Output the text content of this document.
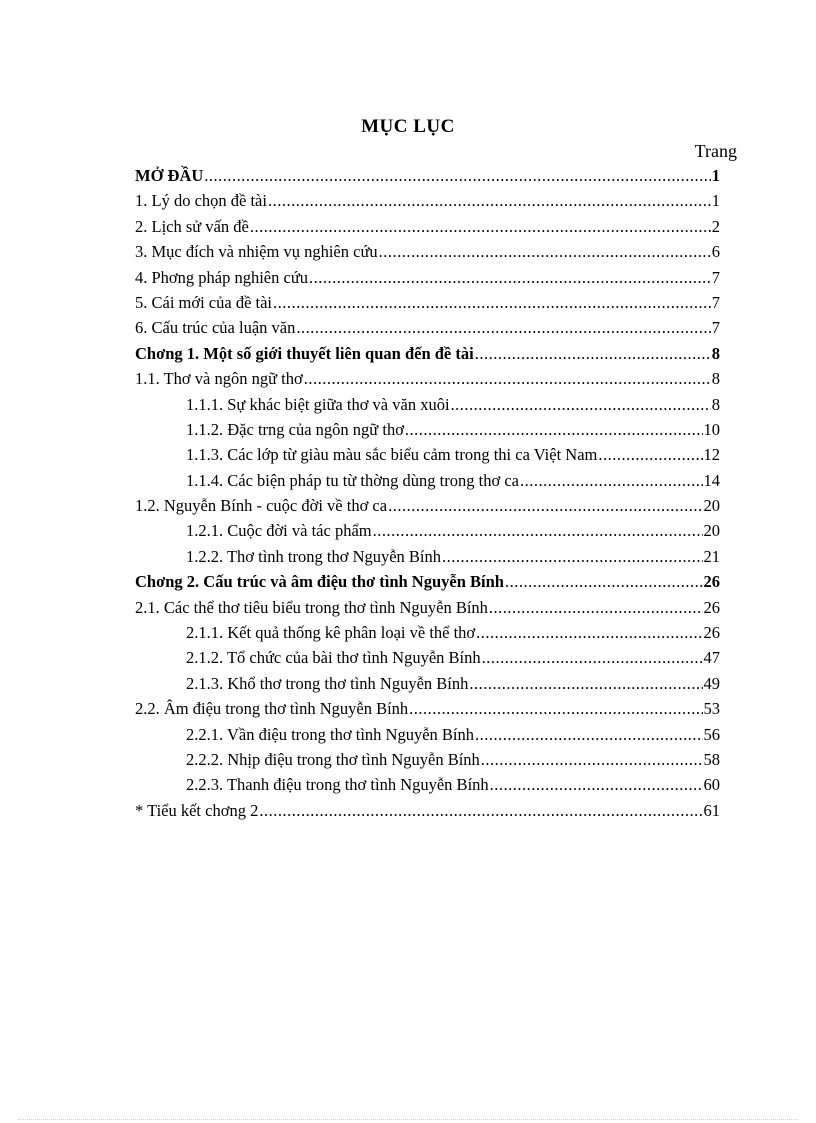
MỤC LỤC
Trang
MỞ ĐẦU .....	1
1. Lý do chọn đề tài .....	1
2. Lịch sử vấn đề .....	2
3. Mục đích và nhiệm vụ nghiên cứu .....	6
4. Phơng pháp nghiên cứu .....	7
5. Cái mới của đề tài .....	7
6. Cấu trúc của luận văn .....	7
Chơng 1. Một số giới thuyết liên quan đến đề tài .....	8
1.1. Thơ và ngôn ngữ thơ .....	8
1.1.1. Sự khác biệt giữa thơ và văn xuôi .....	8
1.1.2. Đặc trng của ngôn ngữ thơ .....	10
1.1.3. Các lớp từ giàu màu sắc biểu cảm trong thi ca Việt Nam .....	12
1.1.4. Các biện pháp tu từ thờng dùng trong thơ ca .....	14
1.2. Nguyễn Bính - cuộc đời về thơ ca .....	20
1.2.1. Cuộc đời và tác phẩm .....	20
1.2.2. Thơ tình trong thơ Nguyễn Bính .....	21
Chơng 2. Cấu trúc và âm điệu thơ tình Nguyễn Bính .....	26
2.1. Các thể thơ tiêu biểu trong thơ tình Nguyễn Bính .....	26
2.1.1. Kết quả thống kê phân loại về thể thơ .....	26
2.1.2. Tổ chức của bài thơ tình Nguyễn Bính .....	47
2.1.3. Khổ thơ trong thơ tình Nguyễn Bính .....	49
2.2. Âm điệu trong thơ tình Nguyễn Bính .....	53
2.2.1. Vần điệu trong thơ tình Nguyễn Bính .....	56
2.2.2. Nhịp điệu trong thơ tình Nguyễn Bính .....	58
2.2.3. Thanh điệu trong thơ tình Nguyễn Bính .....	60
* Tiểu kết chơng 2 .....	61
